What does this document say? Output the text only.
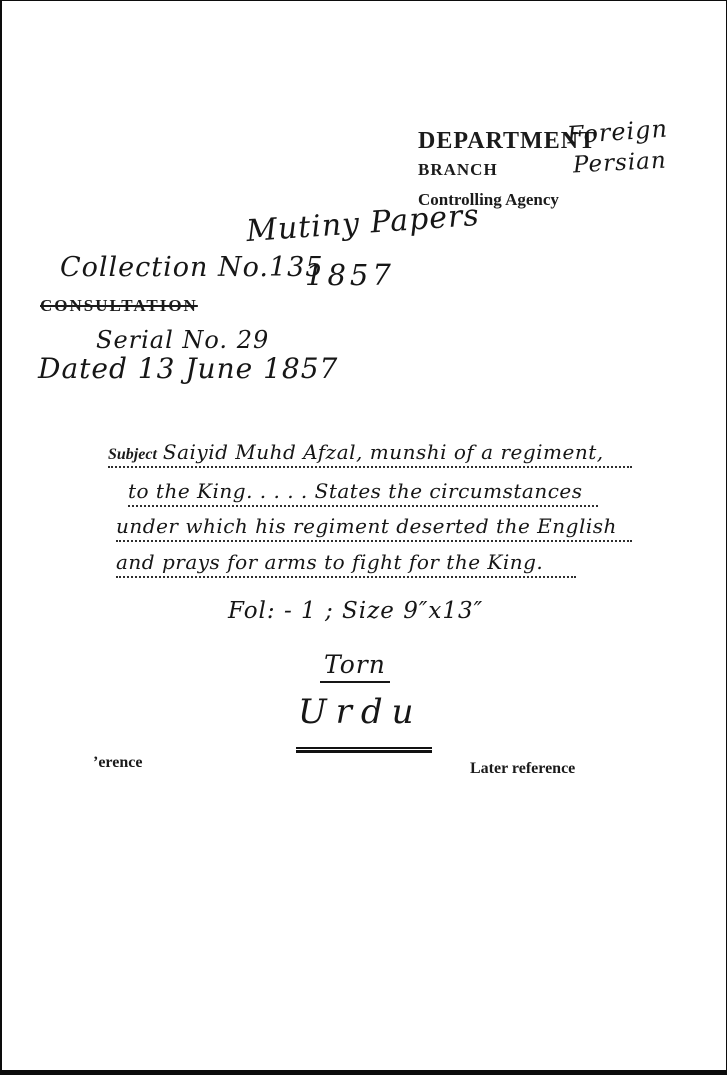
DEPARTMENT
Foreign
BRANCH	Persian
Controlling Agency
Mutiny Papers
1857
Collection No.135
CONSULTATION
Serial No. 29
Dated 13 June 1857
Subject Saiyid Muhd Afzal, munshi of a regiment,
to the King. . . . . States the circumstances
under which his regiment deserted the English
and prays for arms to fight for the King.
Fol: - 1 ; Size 9″x13″
Torn
Urdu
’erence	Later reference
